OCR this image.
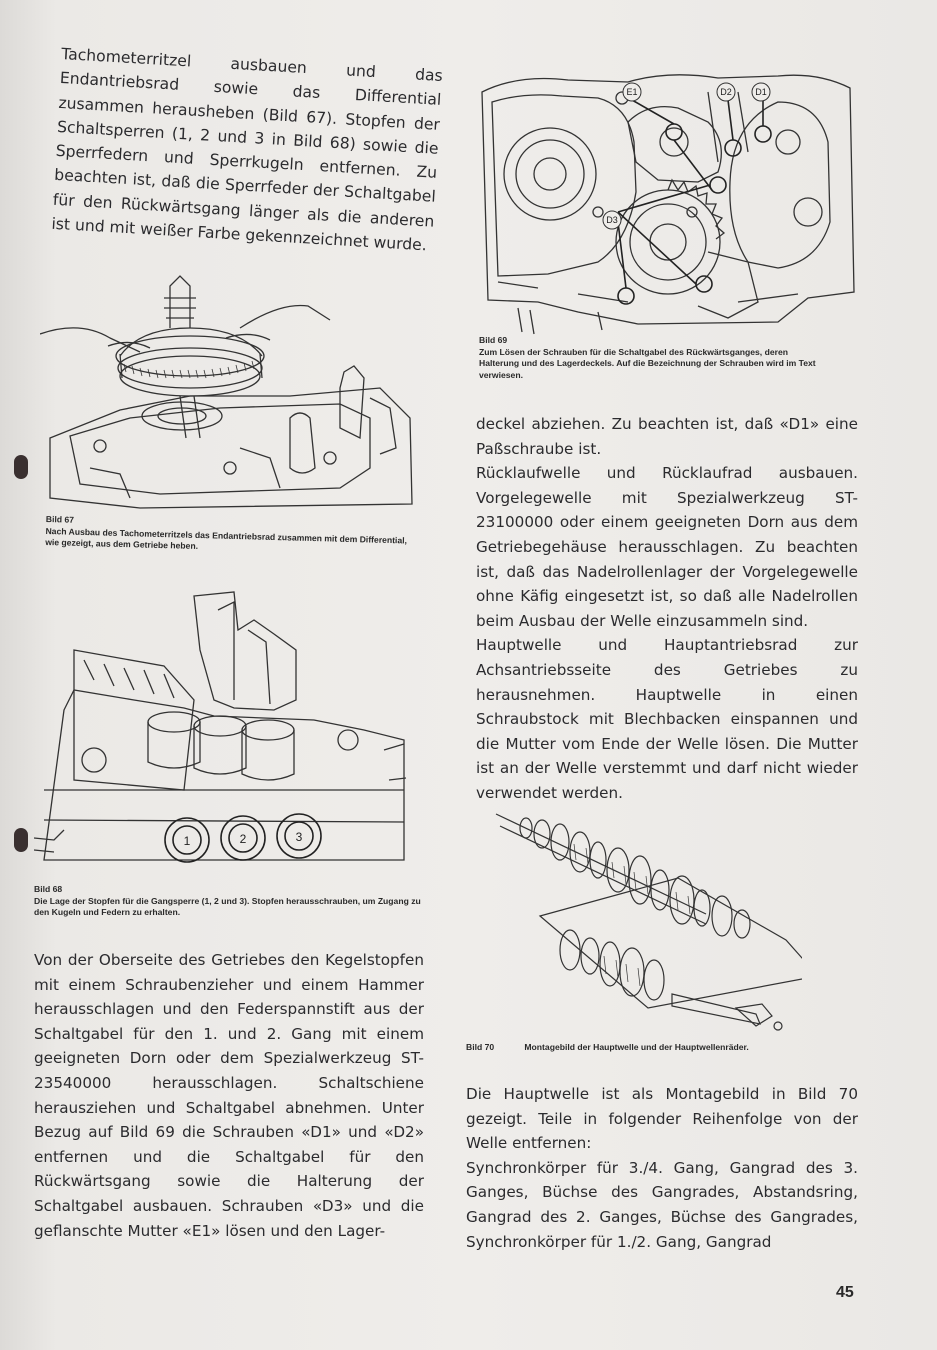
Tachometerritzel ausbauen und das Endantriebsrad sowie das Differential zusammen herausheben (Bild 67). Stopfen der Schaltsperren (1, 2 und 3 in Bild 68) sowie die Sperrfedern und Sperrkugeln entfernen. Zu beachten ist, daß die Sperrfeder der Schaltgabel für den Rückwärtsgang länger als die anderen ist und mit weißer Farbe gekennzeichnet wurde.

E1	D2	D1
D3
Bild 69
Zum Lösen der Schrauben für die Schaltgabel des Rückwärtsganges, deren Halterung und des Lagerdeckels. Auf die Bezeichnung der Schrauben wird im Text verwiesen.
Bild 67
Nach Ausbau des Tachometerritzels das Endantriebsrad zusammen mit dem Differential, wie gezeigt, aus dem Getriebe heben.
1	2	3
Bild 68
Die Lage der Stopfen für die Gangsperre (1, 2 und 3). Stopfen herausschrauben, um Zugang zu den Kugeln und Federn zu erhalten.

deckel abziehen. Zu beachten ist, daß «D1» eine Paßschraube ist.

Rücklaufwelle und Rücklaufrad ausbauen. Vorgelegewelle mit Spezialwerkzeug ST-23100000 oder einem geeigneten Dorn aus dem Getriebegehäuse herausschlagen. Zu beachten ist, daß das Nadelrollenlager der Vorgelegewelle ohne Käfig eingesetzt ist, so daß alle Nadelrollen beim Ausbau der Welle einzusammeln sind.

Hauptwelle und Hauptantriebsrad zur Achsantriebsseite des Getriebes zu herausnehmen. Hauptwelle in einen Schraubstock mit Blechbacken einspannen und die Mutter vom Ende der Welle lösen. Die Mutter ist an der Welle verstemmt und darf nicht wieder verwendet werden.

Bild 70	Montagebild der Hauptwelle und der Hauptwellenräder.

Von der Oberseite des Getriebes den Kegelstopfen mit einem Schraubenzieher und einem Hammer herausschlagen und den Federspannstift aus der Schaltgabel für den 1. und 2. Gang mit einem geeigneten Dorn oder dem Spezialwerkzeug ST-23540000 herausschlagen. Schaltschiene herausziehen und Schaltgabel abnehmen. Unter Bezug auf Bild 69 die Schrauben «D1» und «D2» entfernen und die Schaltgabel für den Rückwärtsgang sowie die Halterung der Schaltgabel ausbauen. Schrauben «D3» und die geflanschte Mutter «E1» lösen und den Lager-

Die Hauptwelle ist als Montagebild in Bild 70 gezeigt. Teile in folgender Reihenfolge von der Welle entfernen:

Synchronkörper für 3./4. Gang, Gangrad des 3. Ganges, Büchse des Gangrades, Abstandsring, Gangrad des 2. Ganges, Büchse des Gangrades, Synchronkörper für 1./2. Gang, Gangrad

45
